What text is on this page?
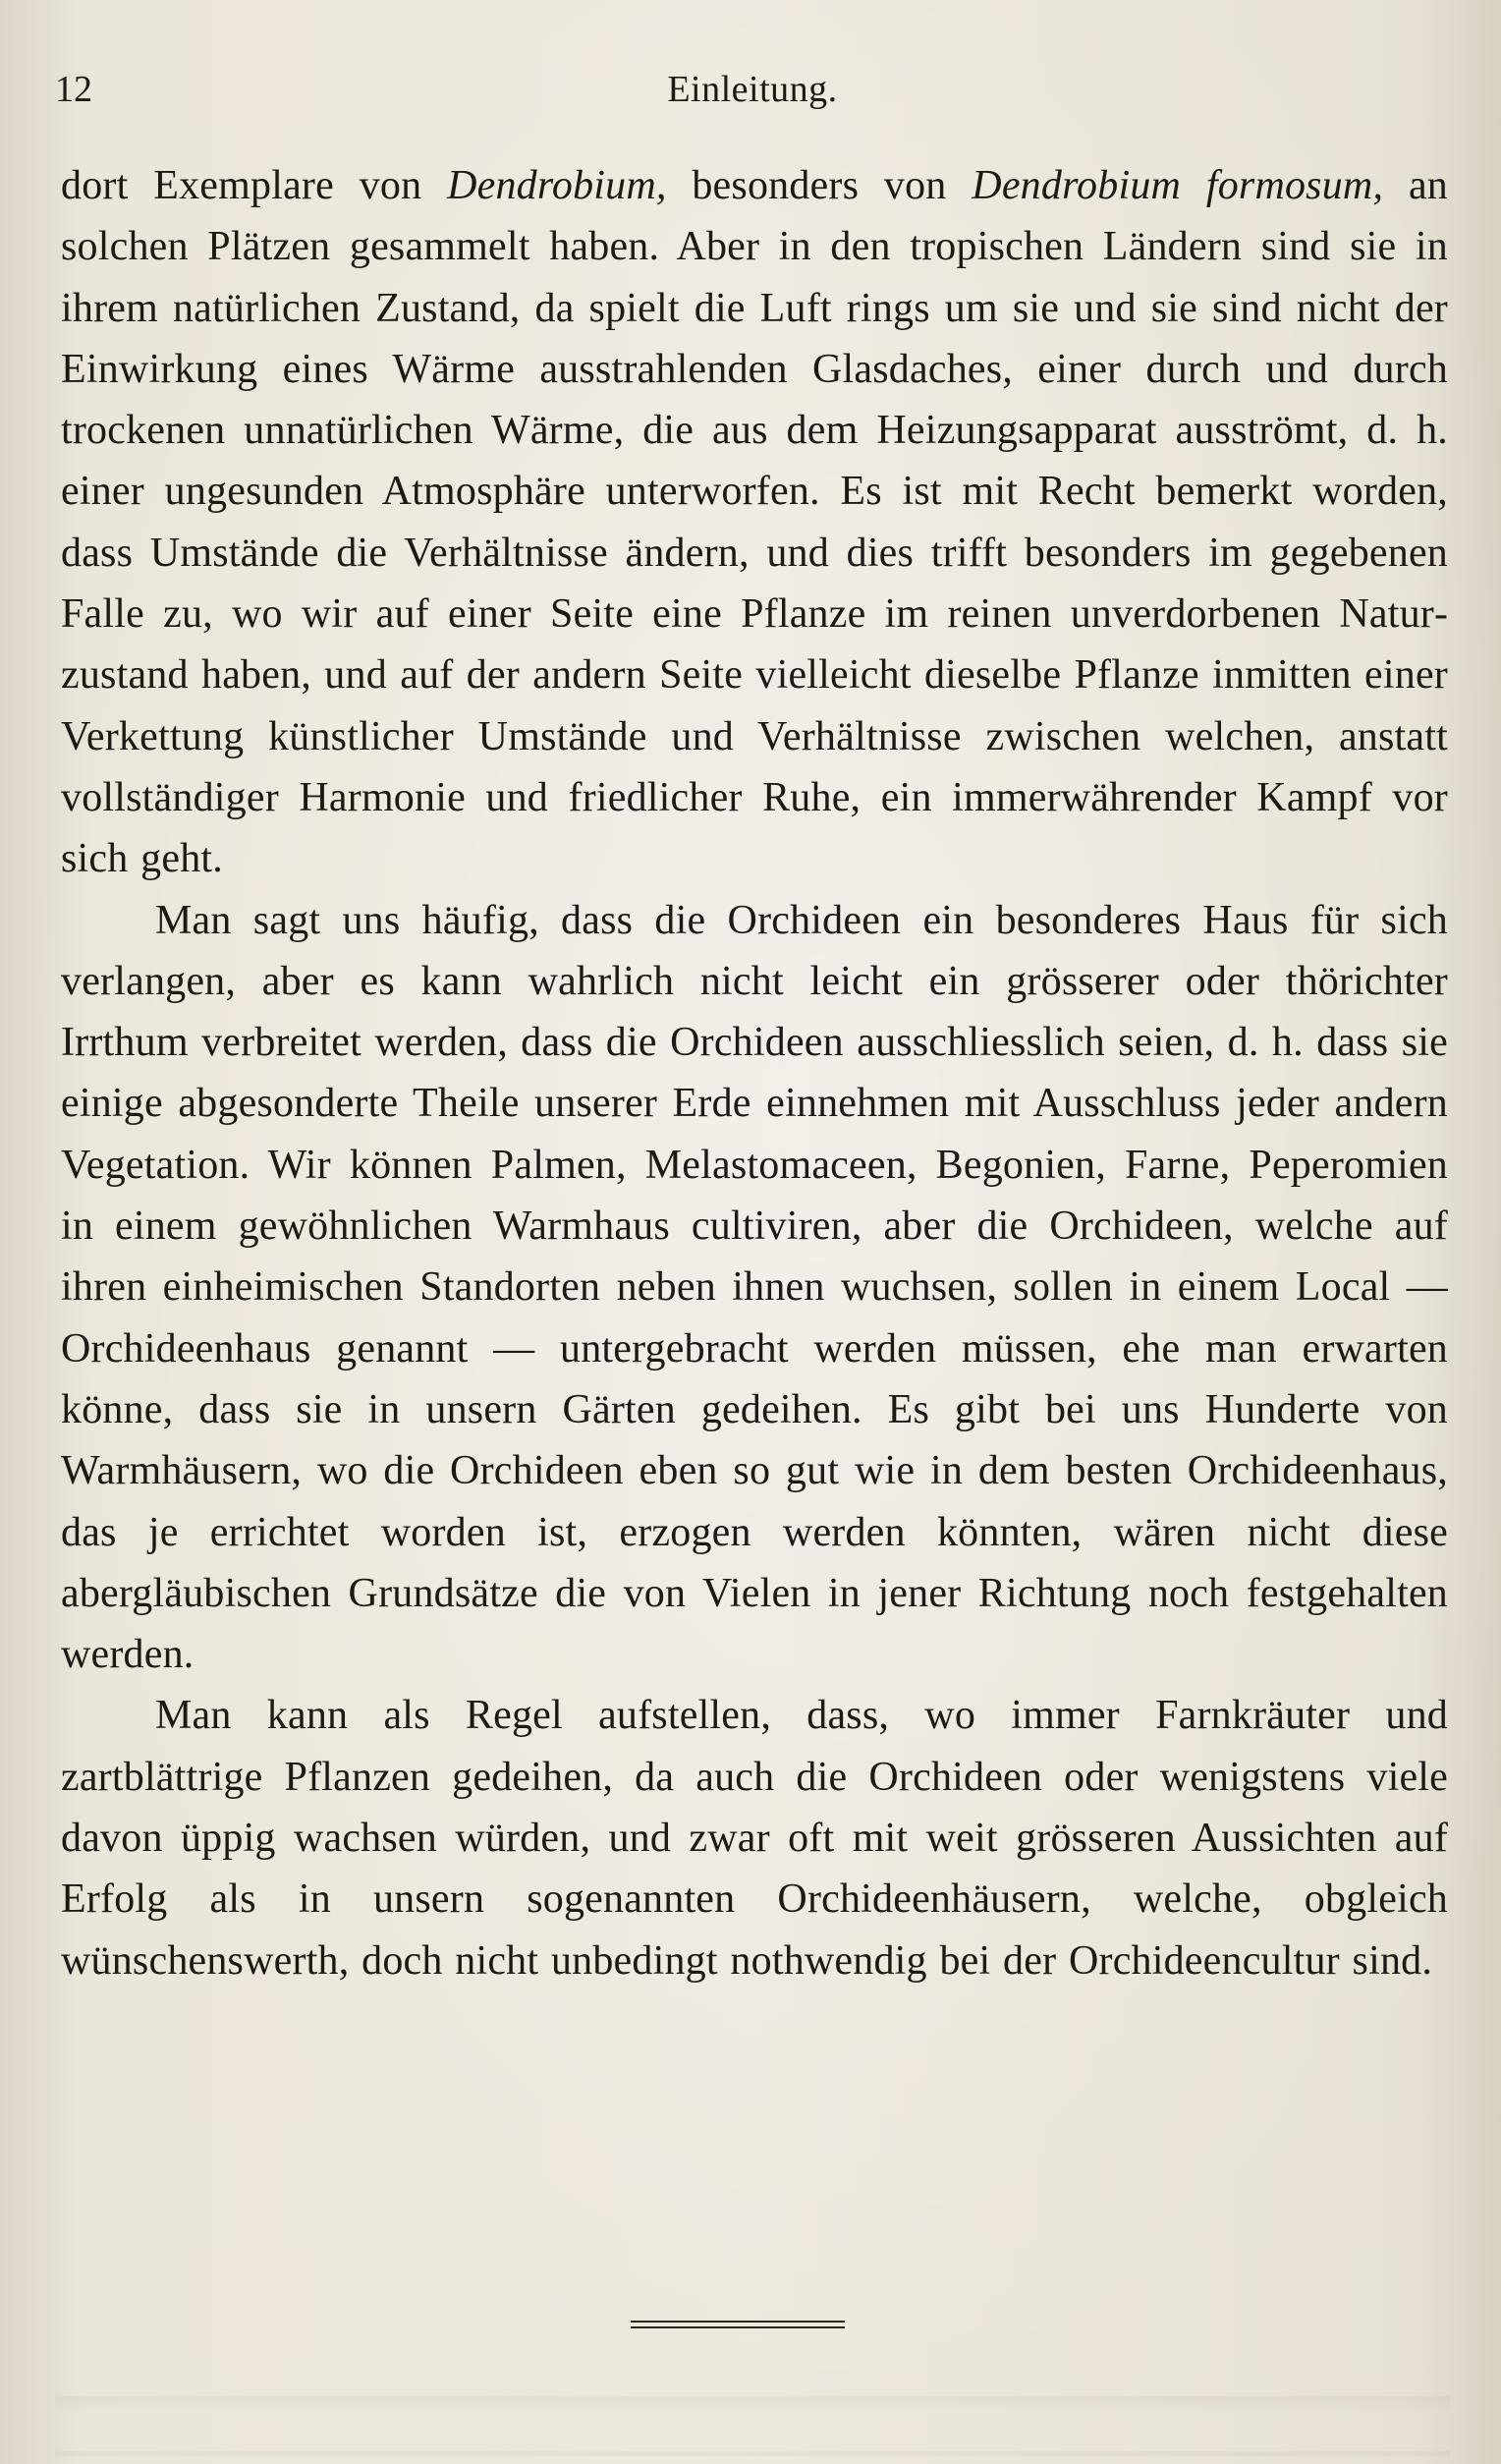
12	Einleitung.

dort Exemplare von Dendrobium, besonders von Dendrobium formosum, an solchen Plätzen gesammelt haben. Aber in den tropischen Ländern sind sie in ihrem natürlichen Zustand, da spielt die Luft rings um sie und sie sind nicht der Einwirkung eines Wärme ausstrahlenden Glasdaches, einer durch und durch trockenen unnatürlichen Wärme, die aus dem Heizungsapparat ausströmt, d. h. einer ungesunden Atmosphäre unterworfen. Es ist mit Recht bemerkt worden, dass Umstände die Verhältnisse ändern, und dies trifft besonders im gegebenen Falle zu, wo wir auf einer Seite eine Pflanze im reinen unverdorbenen Naturzustand haben, und auf der andern Seite vielleicht dieselbe Pflanze inmitten einer Verkettung künstlicher Umstände und Verhältnisse zwischen welchen, anstatt vollständiger Harmonie und friedlicher Ruhe, ein immerwährender Kampf vor sich geht.

Man sagt uns häufig, dass die Orchideen ein besonderes Haus für sich verlangen, aber es kann wahrlich nicht leicht ein grösserer oder thörichter Irrthum verbreitet werden, dass die Orchideen ausschliesslich seien, d. h. dass sie einige abgesonderte Theile unserer Erde einnehmen mit Ausschluss jeder andern Vegetation. Wir können Palmen, Melastomaceen, Begonien, Farne, Peperomien in einem gewöhnlichen Warmhaus cultiviren, aber die Orchideen, welche auf ihren einheimischen Standorten neben ihnen wuchsen, sollen in einem Local — Orchideenhaus genannt — untergebracht werden müssen, ehe man erwarten könne, dass sie in unsern Gärten gedeihen. Es gibt bei uns Hunderte von Warmhäusern, wo die Orchideen eben so gut wie in dem besten Orchideenhaus, das je errichtet worden ist, erzogen werden könnten, wären nicht diese abergläubischen Grundsätze die von Vielen in jener Richtung noch festgehalten werden.

Man kann als Regel aufstellen, dass, wo immer Farnkräuter und zartblättrige Pflanzen gedeihen, da auch die Orchideen oder wenigstens viele davon üppig wachsen würden, und zwar oft mit weit grösseren Aussichten auf Erfolg als in unsern sogenannten Orchideenhäusern, welche, obgleich wünschenswerth, doch nicht unbedingt nothwendig bei der Orchideencultur sind.
